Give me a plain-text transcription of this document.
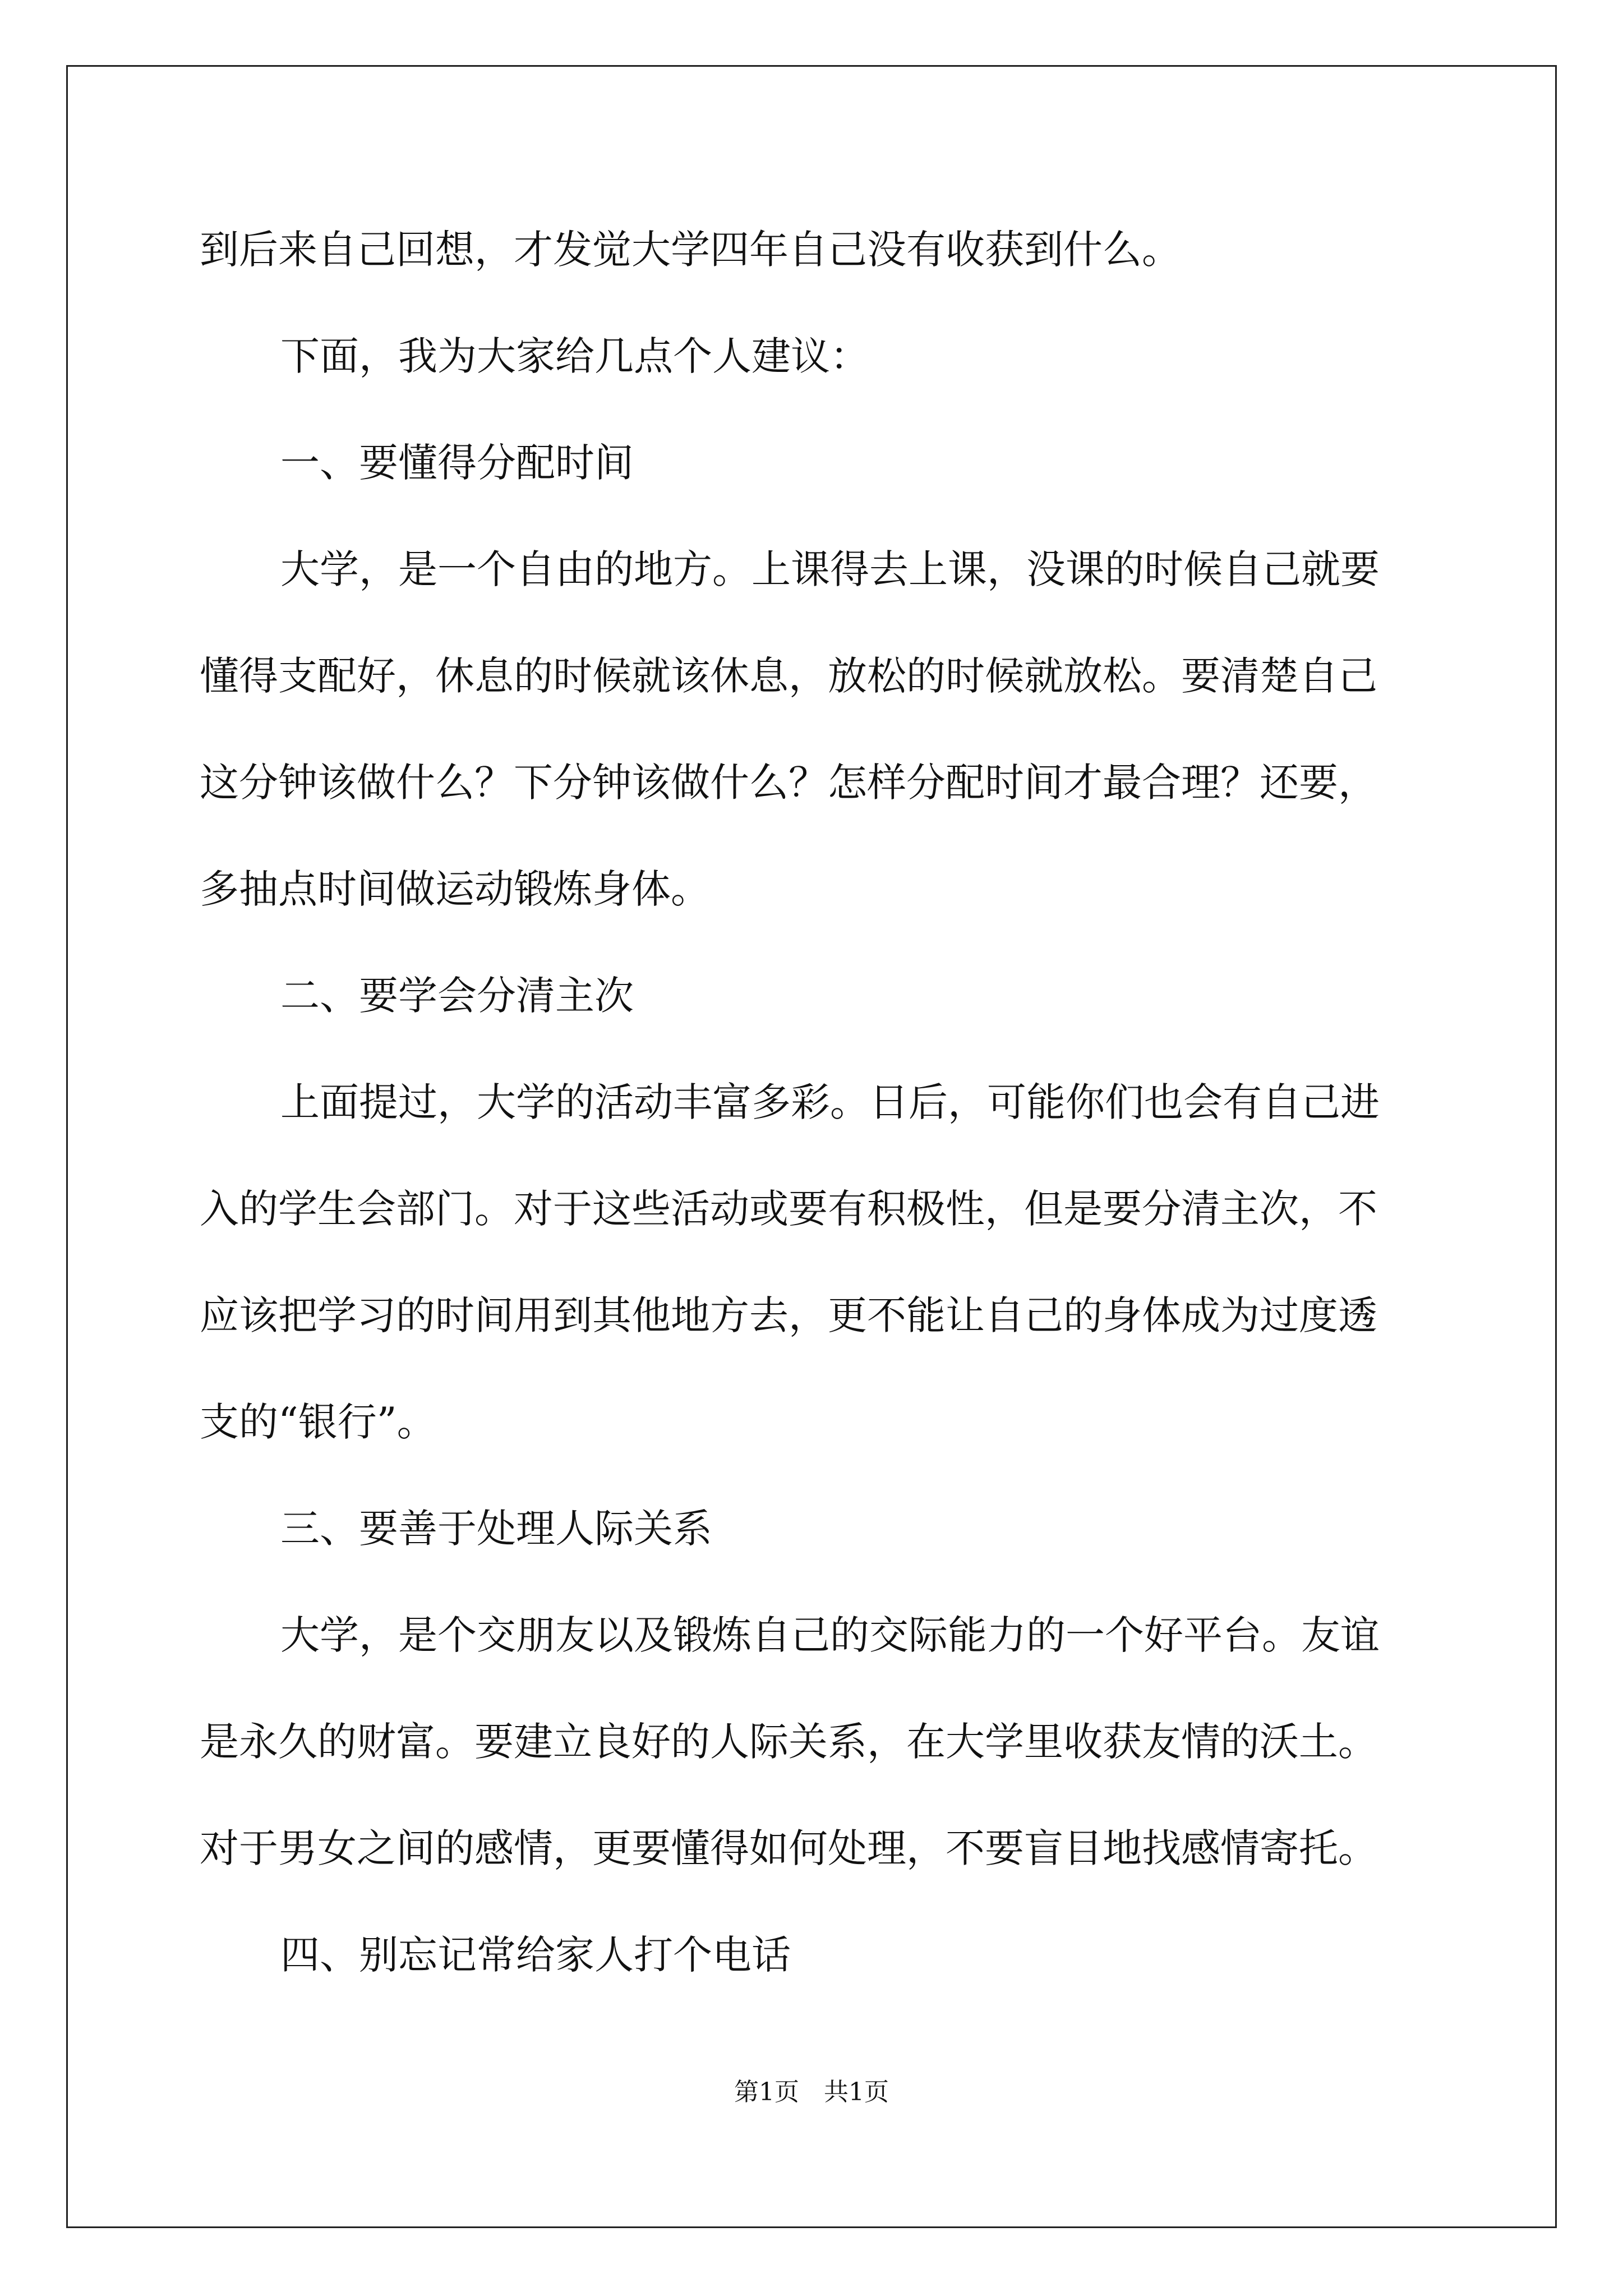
到后来自己回想，才发觉大学四年自己没有收获到什么。
下面，我为大家给几点个人建议：
一、要懂得分配时间
大学，是一个自由的地方。上课得去上课，没课的时候自己就要
懂得支配好，休息的时候就该休息，放松的时候就放松。要清楚自己
这分钟该做什么？下分钟该做什么？怎样分配时间才最合理？还要，
多抽点时间做运动锻炼身体。
二、要学会分清主次
上面提过，大学的活动丰富多彩。日后，可能你们也会有自己进
入的学生会部门。对于这些活动或要有积极性，但是要分清主次，不
应该把学习的时间用到其他地方去，更不能让自己的身体成为过度透
支的“银行”。
三、要善于处理人际关系
大学，是个交朋友以及锻炼自己的交际能力的一个好平台。友谊
是永久的财富。要建立良好的人际关系，在大学里收获友情的沃土。
对于男女之间的感情，更要懂得如何处理，不要盲目地找感情寄托。
四、别忘记常给家人打个电话
第1页　共1页
